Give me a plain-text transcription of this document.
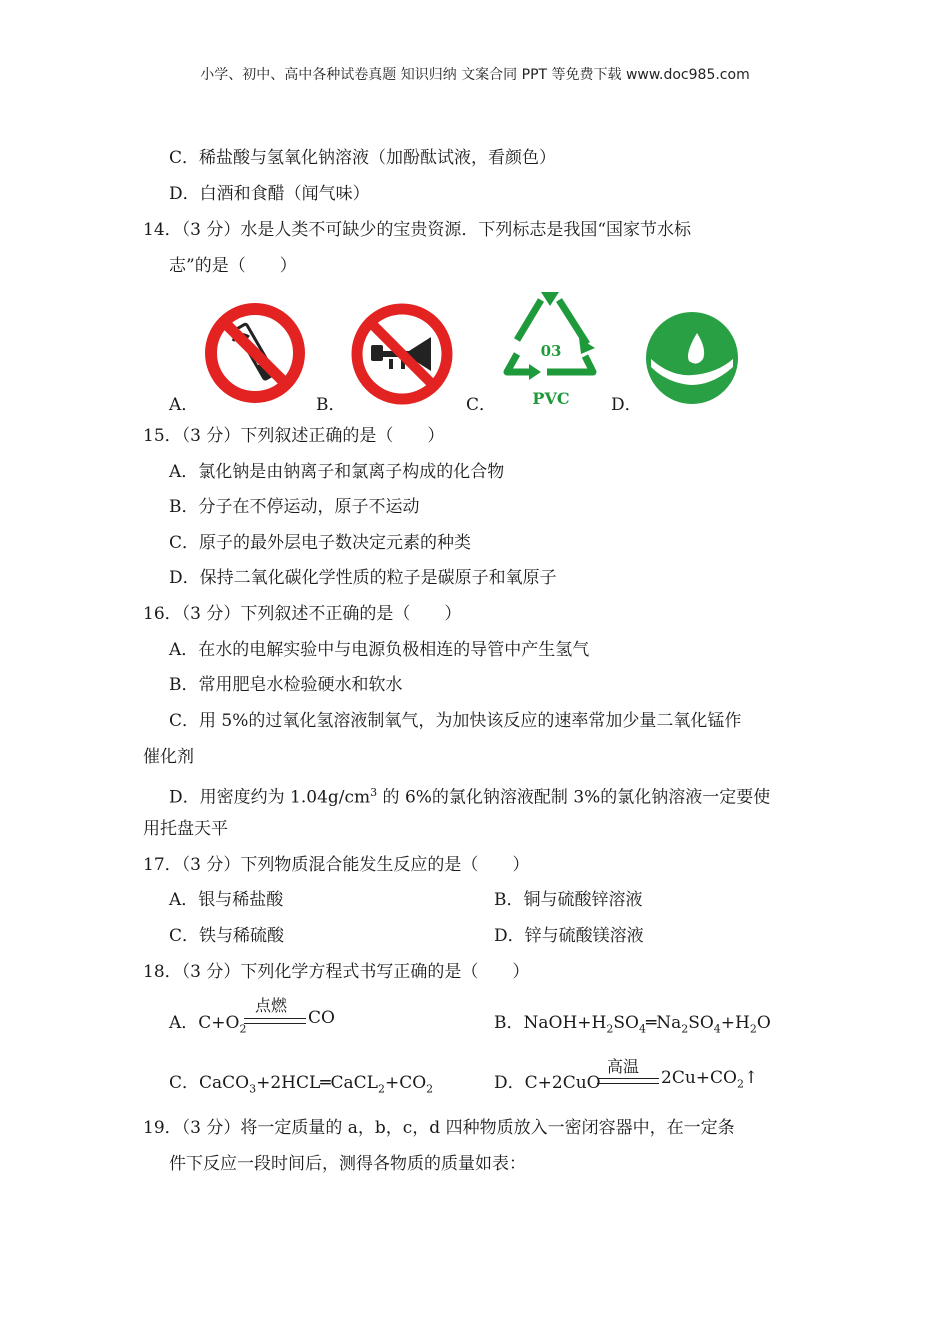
小学、初中、高中各种试卷真题 知识归纳 文案合同 PPT 等免费下载 www.doc985.com
C．稀盐酸与氢氧化钠溶液（加酚酞试液，看颜色）
D．白酒和食醋（闻气味）
14．（3 分）水是人类不可缺少的宝贵资源．下列标志是我国“国家节水标
志”的是（　　）
A．	B．	C．
03
PVC D．
15．（3 分）下列叙述正确的是（　　）
A．氯化钠是由钠离子和氯离子构成的化合物
B．分子在不停运动，原子不运动
C．原子的最外层电子数决定元素的种类
D．保持二氧化碳化学性质的粒子是碳原子和氧原子
16．（3 分）下列叙述不正确的是（　　）
A．在水的电解实验中与电源负极相连的导管中产生氢气
B．常用肥皂水检验硬水和软水
C．用 5%的过氧化氢溶液制氧气，为加快该反应的速率常加少量二氧化锰作
催化剂
D．用密度约为 $1.04g/cm^3$ 的 6%的氯化钠溶液配制 3%的氯化钠溶液一定要使
用托盘天平
17．（3 分）下列物质混合能发生反应的是（　　）
A．银与稀盐酸	B．铜与硫酸锌溶液
C．铁与稀硫酸	D．锌与硫酸镁溶液
18．（3 分）下列化学方程式书写正确的是（　　）
A．$C+O_2$
点燃
CO	B．$NaOH+H_2SO_4═Na_2SO_4+H_2O$
C．$CaCO_3+2HCL═CaCL_2+CO_2$	D．C+2CuO
高温
$2Cu+CO_2↑$
19．（3 分）将一定质量的 a，b，c，d 四种物质放入一密闭容器中，在一定条
件下反应一段时间后，测得各物质的质量如表：
